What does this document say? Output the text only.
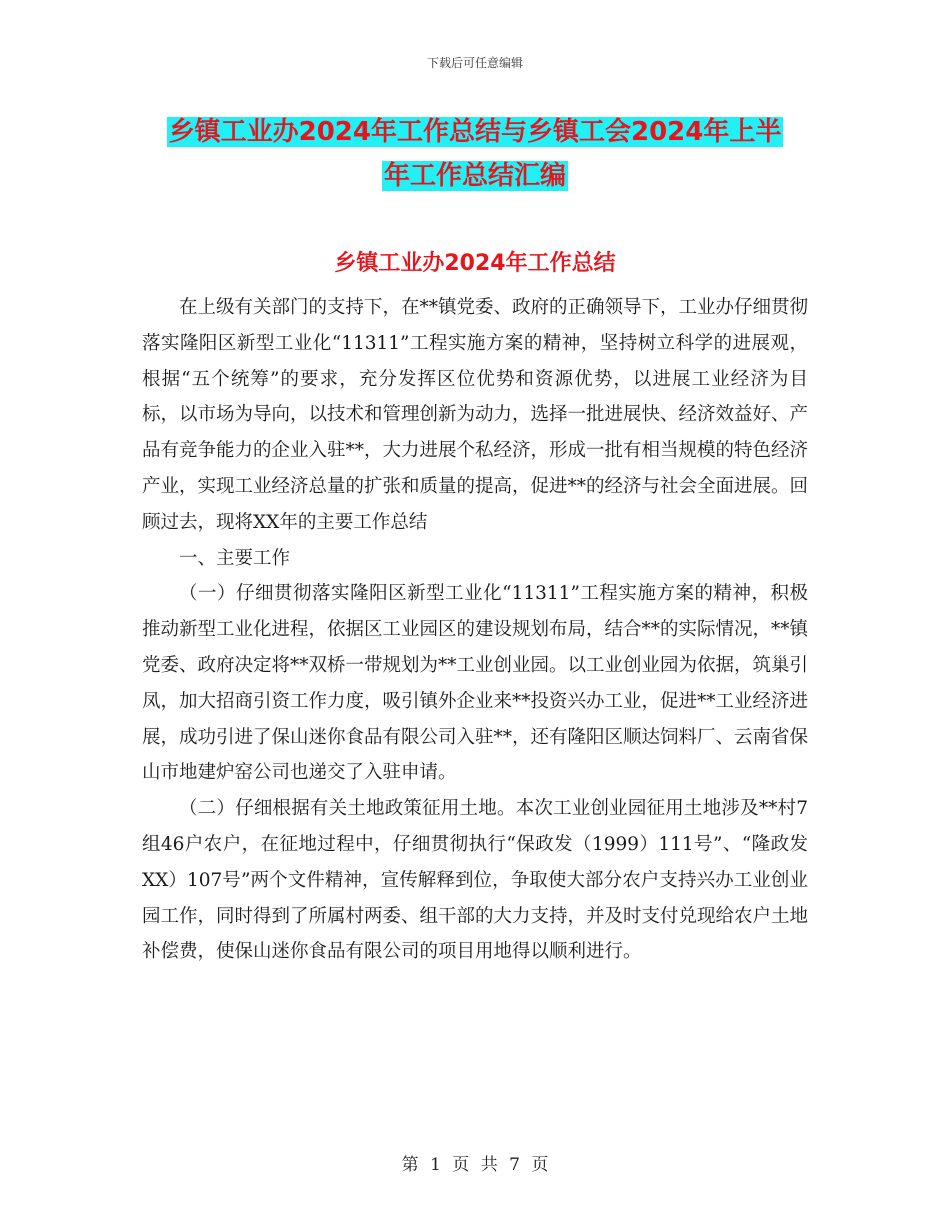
下载后可任意编辑
乡镇工业办2024年工作总结与乡镇工会2024年上半
年工作总结汇编
乡镇工业办2024年工作总结

在上级有关部门的支持下，在**镇党委、政府的正确领导下，工业办仔细贯彻落实隆阳区新型工业化“11311”工程实施方案的精神，坚持树立科学的进展观，根据“五个统筹”的要求，充分发挥区位优势和资源优势，以进展工业经济为目标，以市场为导向，以技术和管理创新为动力，选择一批进展快、经济效益好、产品有竞争能力的企业入驻**，大力进展个私经济，形成一批有相当规模的特色经济产业，实现工业经济总量的扩张和质量的提高，促进**的经济与社会全面进展。回顾过去，现将XX年的主要工作总结

一、主要工作

（一）仔细贯彻落实隆阳区新型工业化“11311”工程实施方案的精神，积极推动新型工业化进程，依据区工业园区的建设规划布局，结合**的实际情况，**镇党委、政府决定将**双桥一带规划为**工业创业园。以工业创业园为依据，筑巢引凤，加大招商引资工作力度，吸引镇外企业来**投资兴办工业，促进**工业经济进展，成功引进了保山迷你食品有限公司入驻**，还有隆阳区顺达饲料厂、云南省保山市地建炉窑公司也递交了入驻申请。

（二）仔细根据有关土地政策征用土地。本次工业创业园征用土地涉及**村7组46户农户，在征地过程中，仔细贯彻执行“保政发（1999）111号”、“隆政发XX）107号”两个文件精神，宣传解释到位，争取使大部分农户支持兴办工业创业园工作，同时得到了所属村两委、组干部的大力支持，并及时支付兑现给农户土地补偿费，使保山迷你食品有限公司的项目用地得以顺利进行。

第 1 页 共 7 页
